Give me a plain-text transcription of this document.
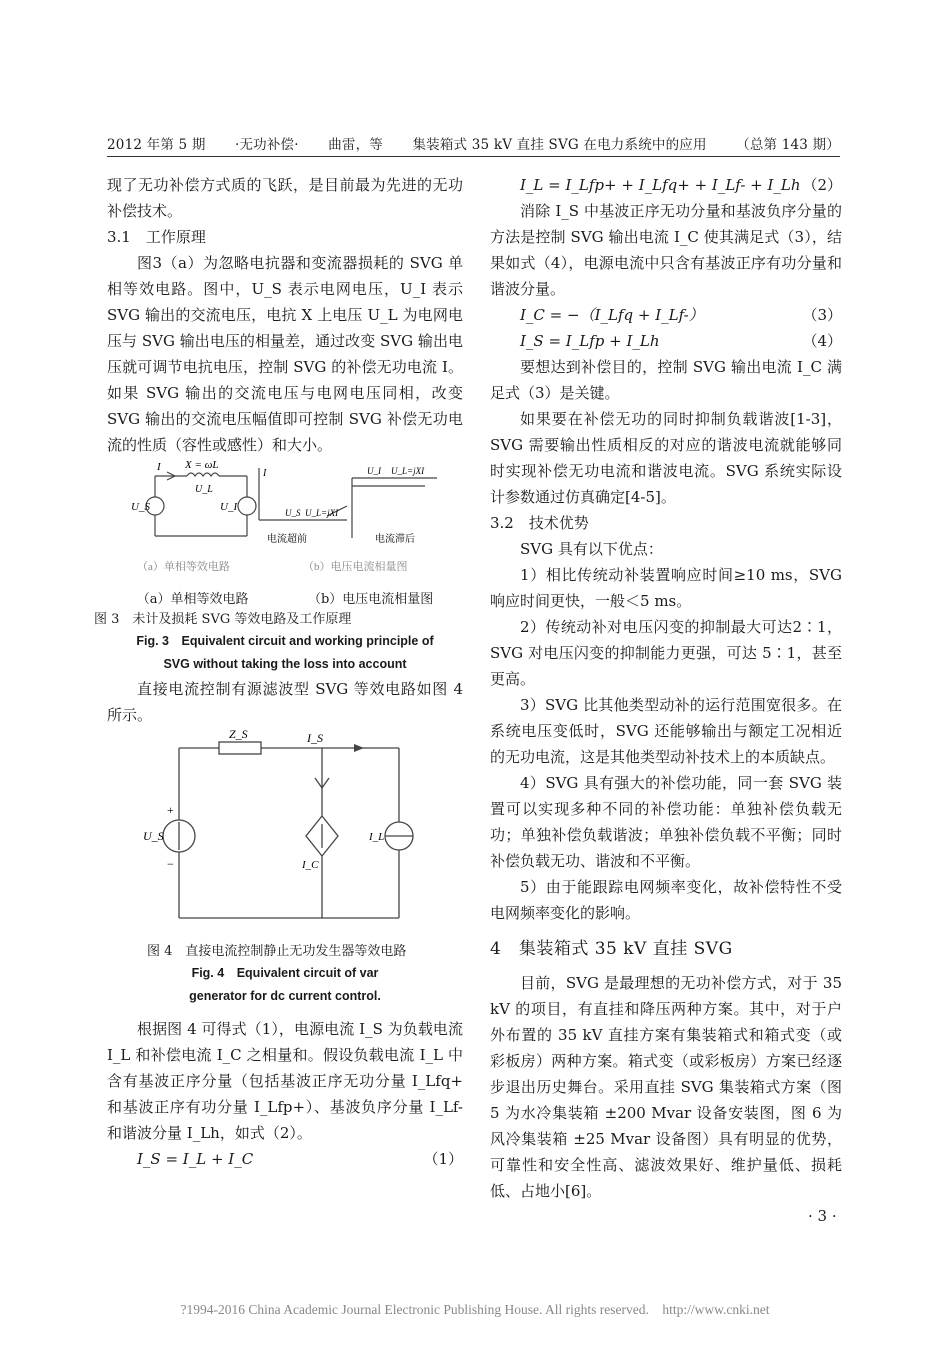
2012 年第 5 期 ·无功补偿· 曲雷，等 集装箱式 35 kV 直挂 SVG 在电力系统中的应用 （总第 143 期）

现了无功补偿方式质的飞跃，是目前最为先进的无功补偿技术。

3.1　工作原理

图3（a）为忽略电抗器和变流器损耗的 SVG 单相等效电路。图中，U_S 表示电网电压，U_I 表示 SVG 输出的交流电压，电抗 X 上电压 U_L 为电网电压与 SVG 输出电压的相量差，通过改变 SVG 输出电压就可调节电抗电压，控制 SVG 的补偿无功电流 I。如果 SVG 输出的交流电压与电网电压同相，改变 SVG 输出的交流电压幅值即可控制 SVG 补偿无功电流的性质（容性或感性）和大小。

U_S	U_I
X = ωL
I
U_L
I
U_S U_L=jXI
U_I U_L=jXI
电流超前	电流滞后
（a）单相等效电路	（b）电压电流相量图
（a）单相等效电路	（b）电压电流相量图
图 3　未计及损耗 SVG 等效电路及工作原理
Fig. 3　Equivalent circuit and working principle of
SVG without taking the loss into account

直接电流控制有源滤波型 SVG 等效电路如图 4 所示。

Z_S	I_S
U_S
I_C
I_L
+
−
图 4　直接电流控制静止无功发生器等效电路
Fig. 4　Equivalent circuit of var
generator for dc current control.

根据图 4 可得式（1），电源电流 I_S 为负载电流 I_L 和补偿电流 I_C 之相量和。假设负载电流 I_L 中含有基波正序分量（包括基波正序无功分量 I_Lfq+ 和基波正序有功分量 I_Lfp+）、基波负序分量 I_Lf- 和谐波分量 I_Lh，如式（2）。

I_S = I_L + I_C	（1）
I_L = I_Lfp+ + I_Lfq+ + I_Lf- + I_Lh （2）

消除 I_S 中基波正序无功分量和基波负序分量的方法是控制 SVG 输出电流 I_C 使其满足式（3），结果如式（4），电源电流中只含有基波正序有功分量和谐波分量。

I_C = −（I_Lfq + I_Lf-）	（3）
I_S = I_Lfp + I_Lh	（4）

要想达到补偿目的，控制 SVG 输出电流 I_C 满足式（3）是关键。

如果要在补偿无功的同时抑制负载谐波[1-3]，SVG 需要输出性质相反的对应的谐波电流就能够同时实现补偿无功电流和谐波电流。SVG 系统实际设计参数通过仿真确定[4-5]。

3.2　技术优势

SVG 具有以下优点：

1）相比传统动补装置响应时间≥10 ms，SVG 响应时间更快，一般＜5 ms。

2）传统动补对电压闪变的抑制最大可达2∶1，SVG 对电压闪变的抑制能力更强，可达 5∶1，甚至更高。

3）SVG 比其他类型动补的运行范围宽很多。在系统电压变低时，SVG 还能够输出与额定工况相近的无功电流，这是其他类型动补技术上的本质缺点。

4）SVG 具有强大的补偿功能，同一套 SVG 装置可以实现多种不同的补偿功能：单独补偿负载无功；单独补偿负载谐波；单独补偿负载不平衡；同时补偿负载无功、谐波和不平衡。

5）由于能跟踪电网频率变化，故补偿特性不受电网频率变化的影响。

4　集装箱式 35 kV 直挂 SVG

目前，SVG 是最理想的无功补偿方式，对于 35 kV 的项目，有直挂和降压两种方案。其中，对于户外布置的 35 kV 直挂方案有集装箱式和箱式变（或彩板房）两种方案。箱式变（或彩板房）方案已经逐步退出历史舞台。采用直挂 SVG 集装箱式方案（图 5 为水冷集装箱 ±200 Mvar 设备安装图，图 6 为风冷集装箱 ±25 Mvar 设备图）具有明显的优势，可靠性和安全性高、滤波效果好、维护量低、损耗低、占地小[6]。

· 3 ·
?1994-2016 China Academic Journal Electronic Publishing House. All rights reserved.　http://www.cnki.net
